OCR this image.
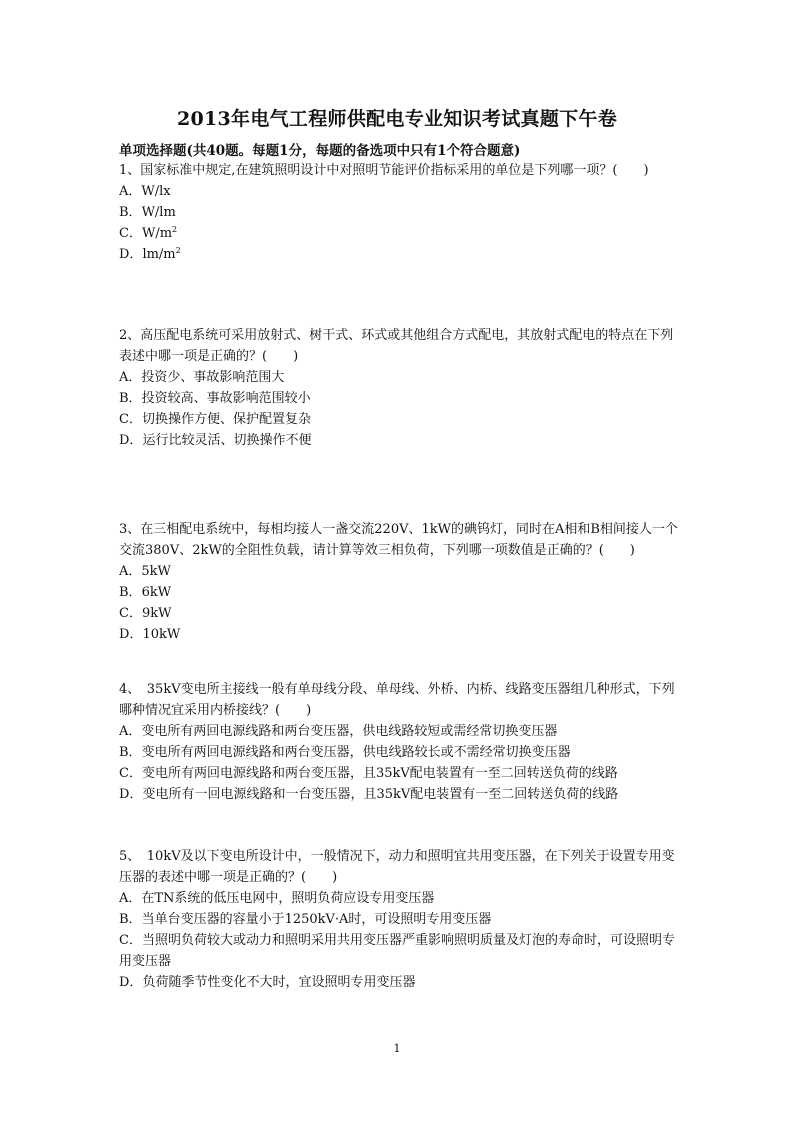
2013年电气工程师供配电专业知识考试真题下午卷
单项选择题(共40题。每题1分，每题的备选项中只有1个符合题意)

1、国家标准中规定,在建筑照明设计中对照明节能评价指标采用的单位是下列哪一项？(　　)

A．W/lx

B．W/lm

C．$W/m^2$

D．$lm/m^2$

2、高压配电系统可采用放射式、树干式、环式或其他组合方式配电，其放射式配电的特点在下列表述中哪一项是正确的？(　　)

A．投资少、事故影响范围大

B．投资较高、事故影响范围较小

C．切换操作方便、保护配置复杂

D．运行比较灵活、切换操作不便

3、在三相配电系统中，每相均接人一盏交流220V、1kW的碘钨灯，同时在A相和B相间接人一个交流380V、2kW的全阻性负载，请计算等效三相负荷，下列哪一项数值是正确的？(　　)

A．5kW

B．6kW

C．9kW

D．10kW

4、　35kV变电所主接线一般有单母线分段、单母线、外桥、内桥、线路变压器组几种形式，下列哪种情况宜采用内桥接线？(　　)

A．变电所有两回电源线路和两台变压器，供电线路较短或需经常切换变压器

B．变电所有两回电源线路和两台变压器，供电线路较长或不需经常切换变压器

C．变电所有两回电源线路和两台变压器，且35kV配电装置有一至二回转送负荷的线路

D．变电所有一回电源线路和一台变压器，且35kV配电装置有一至二回转送负荷的线路

5、　10kV及以下变电所设计中，一般情况下，动力和照明宜共用变压器，在下列关于设置专用变压器的表述中哪一项是正确的？(　　)

A．在TN系统的低压电网中，照明负荷应设专用变压器

B．当单台变压器的容量小于1250kV·A时，可设照明专用变压器

C．当照明负荷较大或动力和照明采用共用变压器严重影响照明质量及灯泡的寿命时，可设照明专用变压器

D．负荷随季节性变化不大时，宜设照明专用变压器

1
